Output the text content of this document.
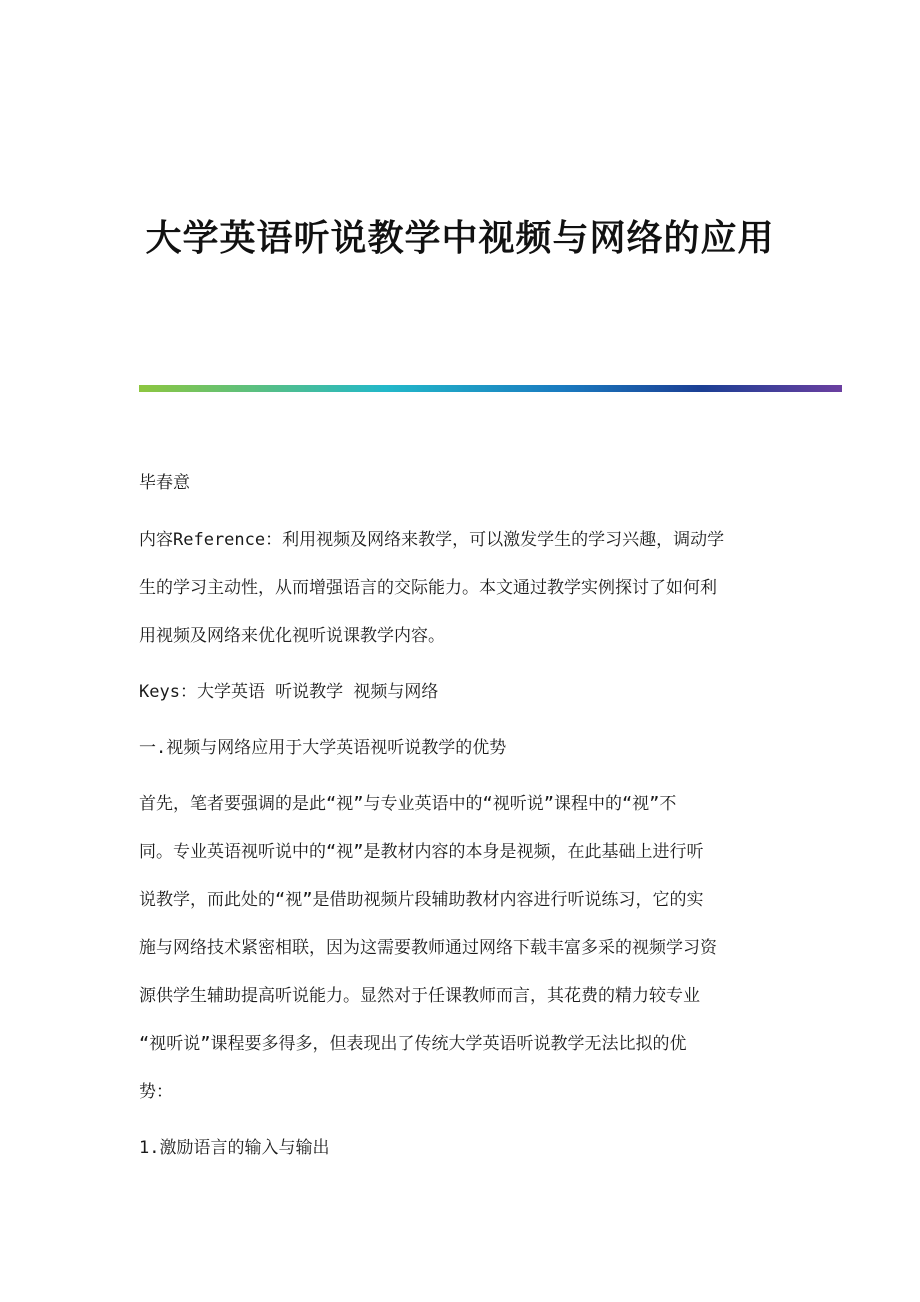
大学英语听说教学中视频与网络的应用
毕春意
内容Reference：利用视频及网络来教学，可以激发学生的学习兴趣，调动学
生的学习主动性，从而增强语言的交际能力。本文通过教学实例探讨了如何利
用视频及网络来优化视听说课教学内容。
Keys：大学英语 听说教学 视频与网络
一.视频与网络应用于大学英语视听说教学的优势
首先，笔者要强调的是此“视”与专业英语中的“视听说”课程中的“视”不
同。专业英语视听说中的“视”是教材内容的本身是视频，在此基础上进行听
说教学，而此处的“视”是借助视频片段辅助教材内容进行听说练习，它的实
施与网络技术紧密相联，因为这需要教师通过网络下载丰富多采的视频学习资
源供学生辅助提高听说能力。显然对于任课教师而言，其花费的精力较专业
“视听说”课程要多得多，但表现出了传统大学英语听说教学无法比拟的优
势：
1.激励语言的输入与输出
